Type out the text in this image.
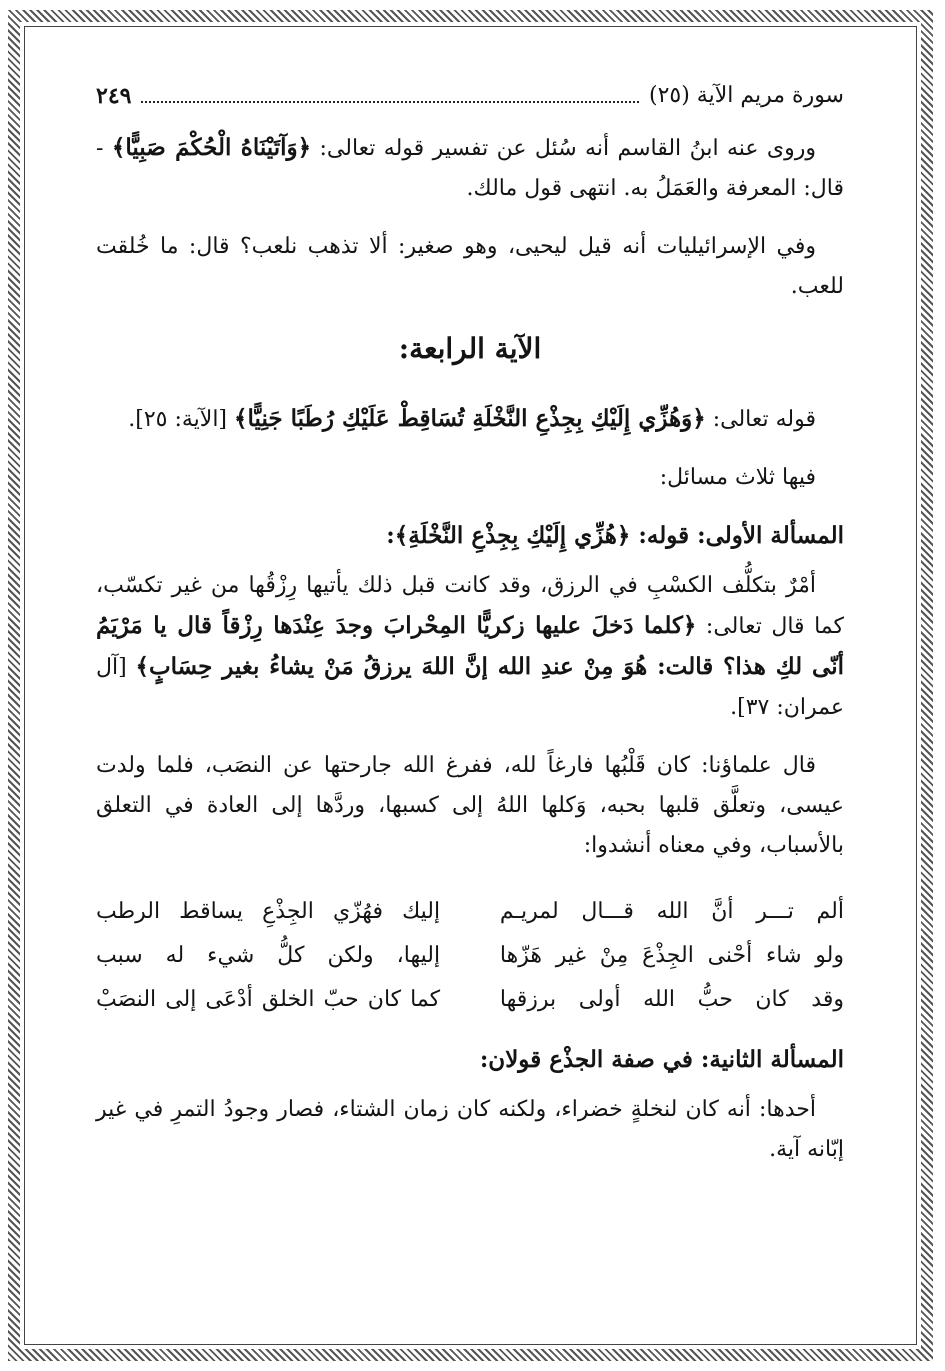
سورة مريم الآية (٢٥)
٢٤٩

وروى عنه ابنُ القاسم أنه سُئل عن تفسير قوله تعالى: ﴿وَآتَيْنَاهُ الْحُكْمَ صَبِيًّا﴾ - قال: المعرفة والعَمَلُ به. انتهى قول مالك.

وفي الإسرائيليات أنه قيل ليحيى، وهو صغير: ألا تذهب نلعب؟ قال: ما خُلقت للعب.

الآية الرابعة:

قوله تعالى: ﴿وَهُزِّي إِلَيْكِ بِجِذْعِ النَّخْلَةِ تُسَاقِطْ عَلَيْكِ رُطَبًا جَنِيًّا﴾ [الآية: ٢٥].

فيها ثلاث مسائل:

المسألة الأولى: قوله: ﴿هُزِّي إِلَيْكِ بِجِذْعِ النَّخْلَةِ﴾:

أمْرٌ بتكلُّف الكسْبِ في الرزق، وقد كانت قبل ذلك يأتيها رِزْقُها من غير تكسّب، كما قال تعالى: ﴿كلما دَخلَ عليها زكريًّا المِحْرابَ وجدَ عِنْدَها رِزْقاً قال يا مَرْيَمُ أنّى لكِ هذا؟ قالت: هُوَ مِنْ عندِ الله إنَّ اللهَ يرزقُ مَنْ يشاءُ بغير حِسَابٍ﴾ [آل عمران: ٣٧].

قال علماؤنا: كان قَلْبُها فارغاً لله، ففرغ الله جارحتها عن النصَب، فلما ولدت عيسى، وتعلَّق قلبها بحبه، وَكلها اللهُ إلى كسبها، وردَّها إلى العادة في التعلق بالأسباب، وفي معناه أنشدوا:

ألم تـــر أنَّ الله قـــال لمريـم
إليك فهُزّي الجِذْعِ يساقط الرطب
ولو شاء أحْنى الجِذْعَ مِنْ غير هَزّها
إليها، ولكن كلُّ شيء له سبب
وقد كان حبُّ الله أولى برزقها
كما كان حبّ الخلق أدْعَى إلى النصَبْ

المسألة الثانية: في صفة الجذْع قولان:

أحدها: أنه كان لنخلةٍ خضراء، ولكنه كان زمان الشتاء، فصار وجودُ التمرِ في غير إبّانه آية.
